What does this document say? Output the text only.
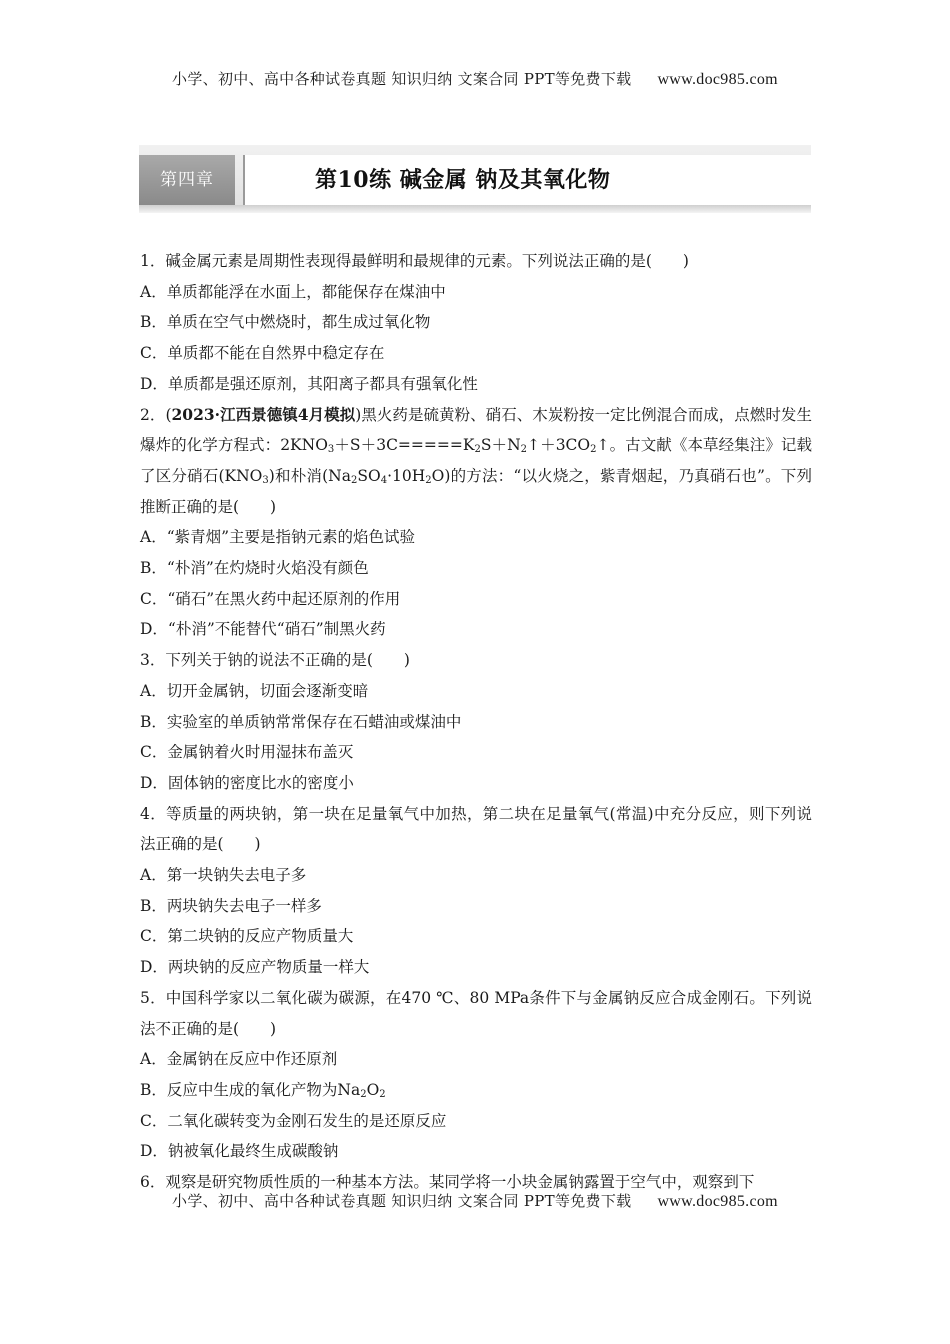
小学、初中、高中各种试卷真题 知识归纳 文案合同 PPT等免费下载 www.doc985.com
第四章	第10练 碱金属 钠及其氧化物
1．碱金属元素是周期性表现得最鲜明和最规律的元素。下列说法正确的是(　　)
A．单质都能浮在水面上，都能保存在煤油中
B．单质在空气中燃烧时，都生成过氧化物
C．单质都不能在自然界中稳定存在
D．单质都是强还原剂，其阳离子都具有强氧化性
2．(2023·江西景德镇4月模拟)黑火药是硫黄粉、硝石、木炭粉按一定比例混合而成，点燃时发生爆炸的化学方程式：$2KNO_3+S+3C=====K_2S+N_2↑+3CO_2↑$。古文献《本草经集注》记载了区分硝石$(KNO_3)$和朴消$(Na_2SO_4\cdot 10H_2O)$的方法：“以火烧之，紫青烟起，乃真硝石也”。下列推断正确的是(　　)
A．“紫青烟”主要是指钠元素的焰色试验
B．“朴消”在灼烧时火焰没有颜色
C．“硝石”在黑火药中起还原剂的作用
D．“朴消”不能替代“硝石”制黑火药
3．下列关于钠的说法不正确的是(　　)
A．切开金属钠，切面会逐渐变暗
B．实验室的单质钠常常保存在石蜡油或煤油中
C．金属钠着火时用湿抹布盖灭
D．固体钠的密度比水的密度小
4．等质量的两块钠，第一块在足量氧气中加热，第二块在足量氧气(常温)中充分反应，则下列说法正确的是(　　)
A．第一块钠失去电子多
B．两块钠失去电子一样多
C．第二块钠的反应产物质量大
D．两块钠的反应产物质量一样大
5．中国科学家以二氧化碳为碳源，在470 ℃、80 MPa条件下与金属钠反应合成金刚石。下列说法不正确的是(　　)
A．金属钠在反应中作还原剂
B．反应中生成的氧化产物为$Na_2O_2$
C．二氧化碳转变为金刚石发生的是还原反应
D．钠被氧化最终生成碳酸钠
6．观察是研究物质性质的一种基本方法。某同学将一小块金属钠露置于空气中，观察到下
小学、初中、高中各种试卷真题 知识归纳 文案合同 PPT等免费下载 www.doc985.com
